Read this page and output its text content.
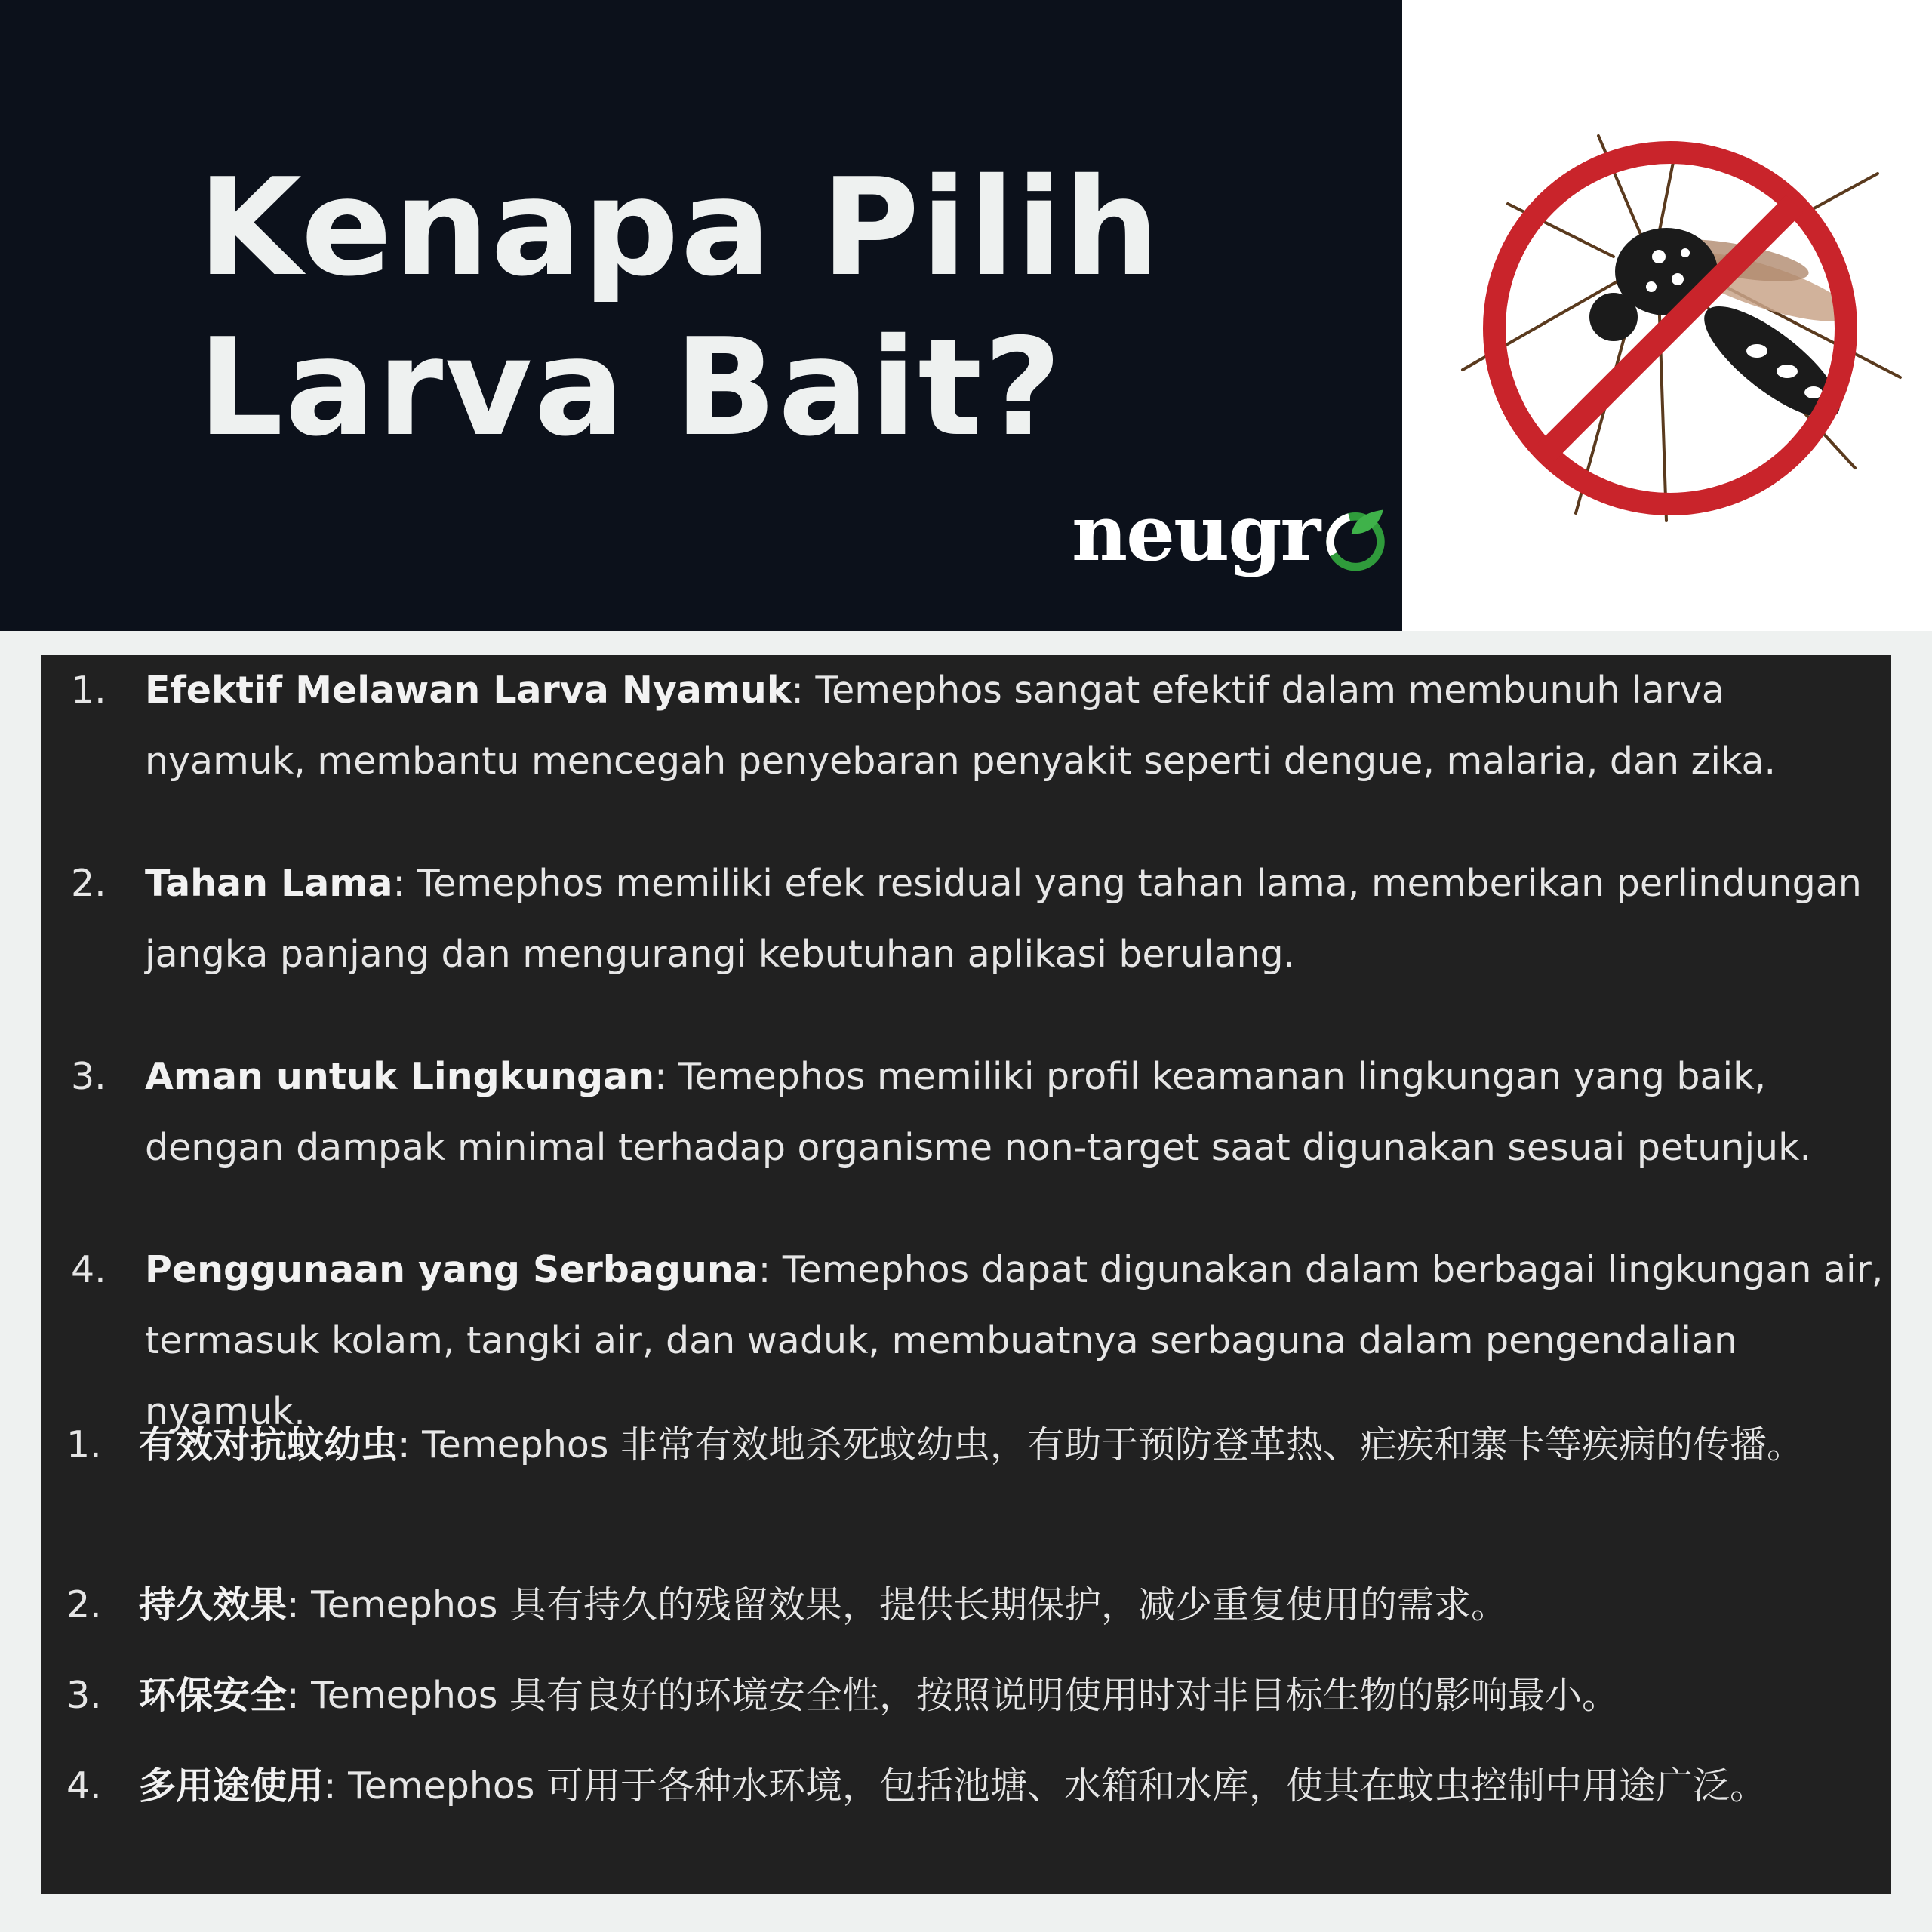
Kenapa Pilih
Larva Bait?
neugr
1. Efektif Melawan Larva Nyamuk: Temephos sangat efektif dalam membunuh larva nyamuk, membantu mencegah penyebaran penyakit seperti dengue, malaria, dan zika.
2. Tahan Lama: Temephos memiliki efek residual yang tahan lama, memberikan perlindungan jangka panjang dan mengurangi kebutuhan aplikasi berulang.
3. Aman untuk Lingkungan: Temephos memiliki profil keamanan lingkungan yang baik, dengan dampak minimal terhadap organisme non-target saat digunakan sesuai petunjuk.
4. Penggunaan yang Serbaguna: Temephos dapat digunakan dalam berbagai lingkungan air, termasuk kolam, tangki air, dan waduk, membuatnya serbaguna dalam pengendalian nyamuk.
1. 有效对抗蚊幼虫: Temephos 非常有效地杀死蚊幼虫，有助于预防登革热、疟疾和寨卡等疾病的传播。
2. 持久效果: Temephos 具有持久的残留效果，提供长期保护，减少重复使用的需求。
3. 环保安全: Temephos 具有良好的环境安全性，按照说明使用时对非目标生物的影响最小。
4. 多用途使用: Temephos 可用于各种水环境，包括池塘、水箱和水库，使其在蚊虫控制中用途广泛。
